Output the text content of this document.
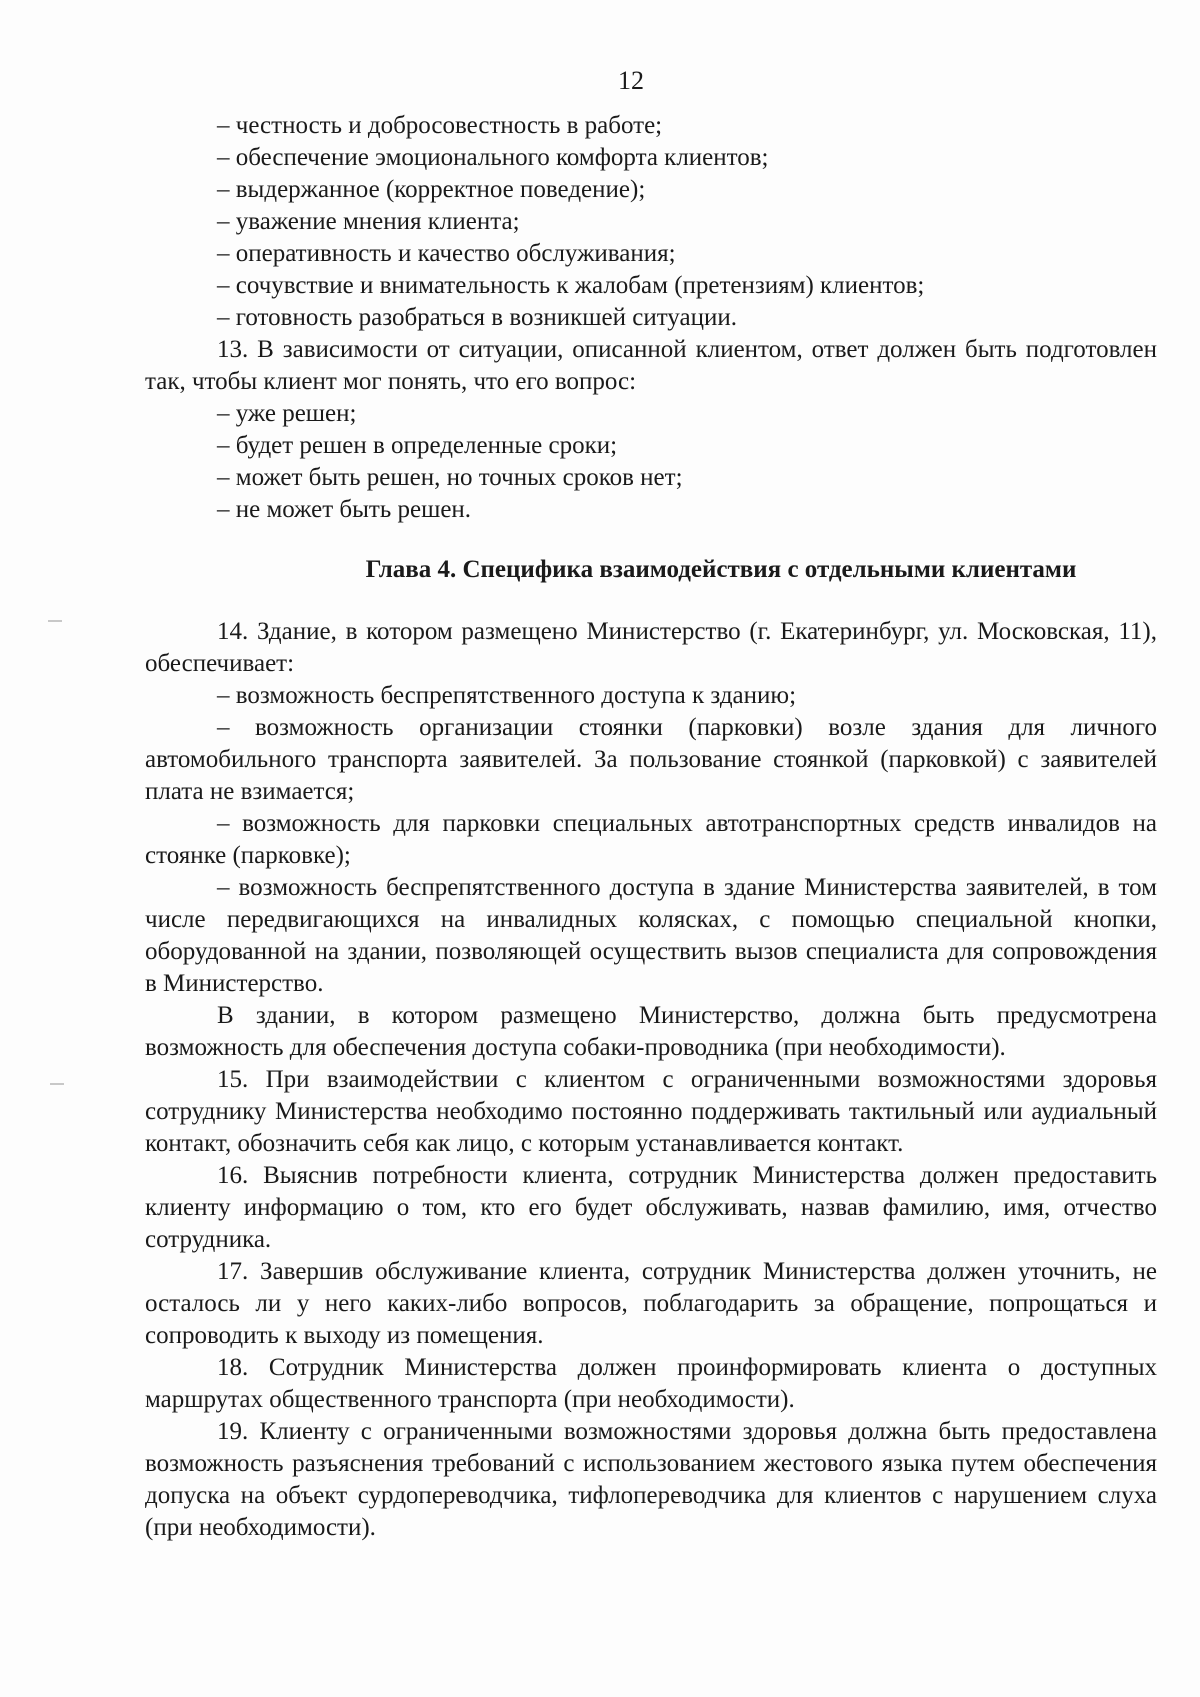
12

– честность и добросовестность в работе;

– обеспечение эмоционального комфорта клиентов;

– выдержанное (корректное поведение);

– уважение мнения клиента;

– оперативность и качество обслуживания;

– сочувствие и внимательность к жалобам (претензиям) клиентов;

– готовность разобраться в возникшей ситуации.

13. В зависимости от ситуации, описанной клиентом, ответ должен быть подготовлен так, чтобы клиент мог понять, что его вопрос:

– уже решен;

– будет решен в определенные сроки;

– может быть решен, но точных сроков нет;

– не может быть решен.

Глава 4. Специфика взаимодействия с отдельными клиентами

14. Здание, в котором размещено Министерство (г. Екатеринбург, ул. Московская, 11), обеспечивает:

– возможность беспрепятственного доступа к зданию;

– возможность организации стоянки (парковки) возле здания для личного автомобильного транспорта заявителей. За пользование стоянкой (парковкой) с заявителей плата не взимается;

– возможность для парковки специальных автотранспортных средств инвалидов на стоянке (парковке);

– возможность беспрепятственного доступа в здание Министерства заявителей, в том числе передвигающихся на инвалидных колясках, с помощью специальной кнопки, оборудованной на здании, позволяющей осуществить вызов специалиста для сопровождения в Министерство.

В здании, в котором размещено Министерство, должна быть предусмотрена возможность для обеспечения доступа собаки-проводника (при необходимости).

15. При взаимодействии с клиентом с ограниченными возможностями здоровья сотруднику Министерства необходимо постоянно поддерживать тактильный или аудиальный контакт, обозначить себя как лицо, с которым устанавливается контакт.

16. Выяснив потребности клиента, сотрудник Министерства должен предоставить клиенту информацию о том, кто его будет обслуживать, назвав фамилию, имя, отчество сотрудника.

17. Завершив обслуживание клиента, сотрудник Министерства должен уточнить, не осталось ли у него каких-либо вопросов, поблагодарить за обращение, попрощаться и сопроводить к выходу из помещения.

18. Сотрудник Министерства должен проинформировать клиента о доступных маршрутах общественного транспорта (при необходимости).

19. Клиенту с ограниченными возможностями здоровья должна быть предоставлена возможность разъяснения требований с использованием жестового языка путем обеспечения допуска на объект сурдопереводчика, тифлопереводчика для клиентов с нарушением слуха (при необходимости).
